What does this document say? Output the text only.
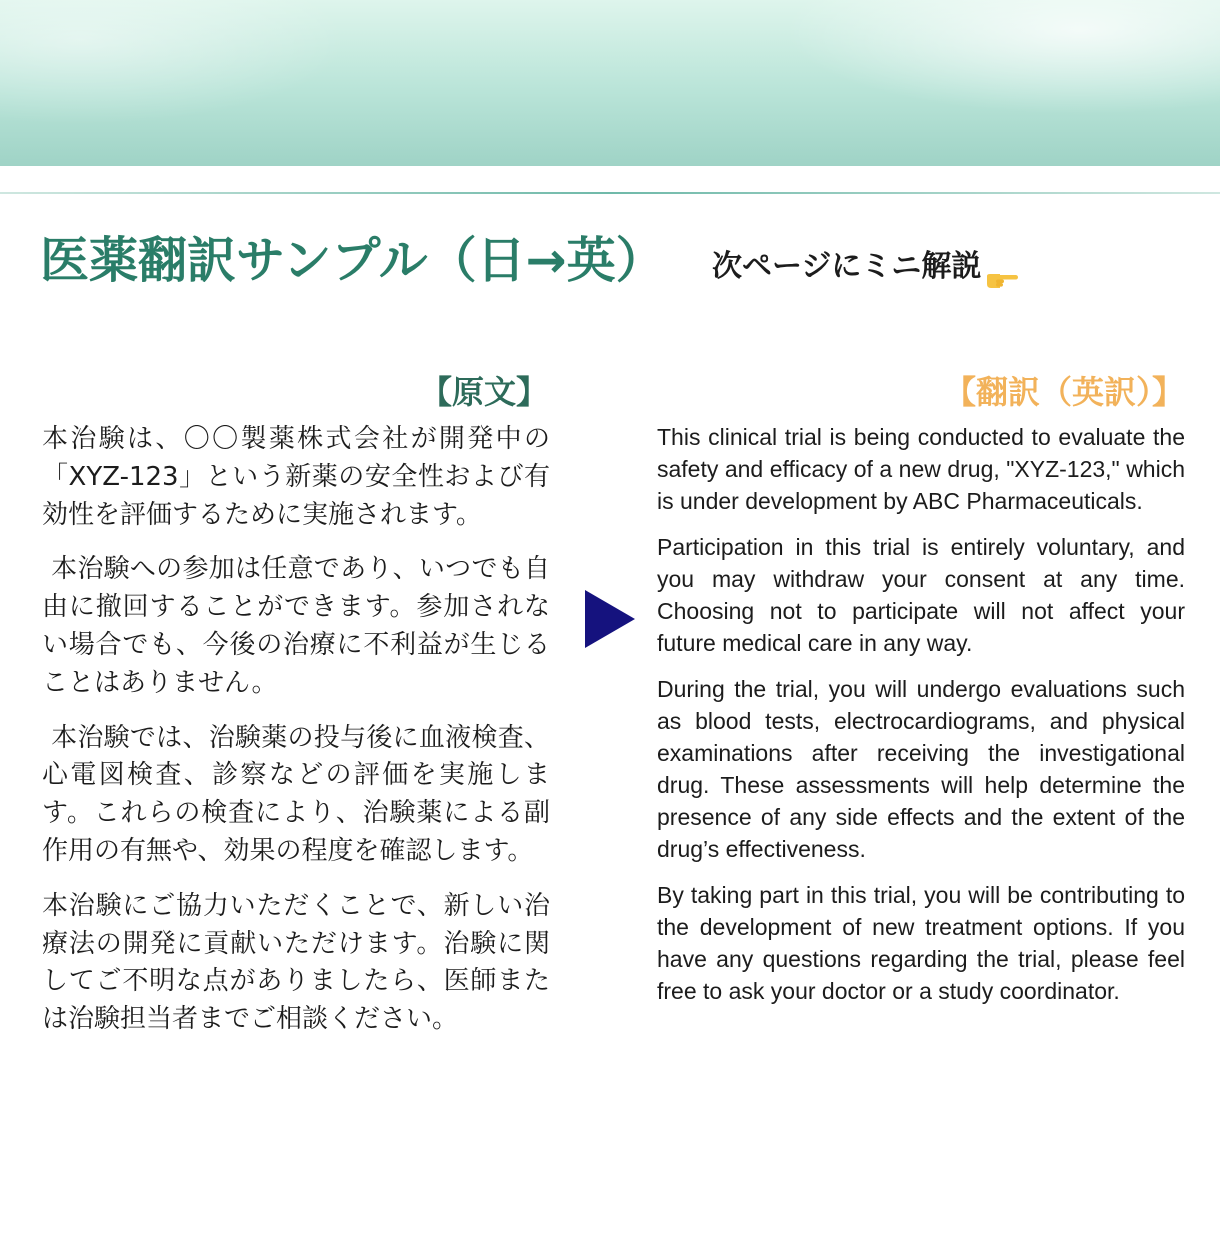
医薬翻訳サンプル（日→英） 次ページにミニ解説
【原文】	【翻訳（英訳）】

本治験は、〇〇製薬株式会社が開発中の「XYZ-123」という新薬の安全性および有効性を評価するために実施されます。

本治験への参加は任意であり、いつでも自由に撤回することができます。参加されない場合でも、今後の治療に不利益が生じることはありません。

本治験では、治験薬の投与後に血液検査、心電図検査、診察などの評価を実施します。これらの検査により、治験薬による副作用の有無や、効果の程度を確認します。

本治験にご協力いただくことで、新しい治療法の開発に貢献いただけます。治験に関してご不明な点がありましたら、医師または治験担当者までご相談ください。

This clinical trial is being conducted to evaluate the safety and efficacy of a new drug, "XYZ-123," which is under development by ABC Pharmaceuticals.

Participation in this trial is entirely voluntary, and you may withdraw your consent at any time. Choosing not to participate will not affect your future medical care in any way.

During the trial, you will undergo evaluations such as blood tests, electrocardiograms, and physical examinations after receiving the investigational drug. These assessments will help determine the presence of any side effects and the extent of the drug’s effectiveness.

By taking part in this trial, you will be contributing to the development of new treatment options. If you have any questions regarding the trial, please feel free to ask your doctor or a study coordinator.
